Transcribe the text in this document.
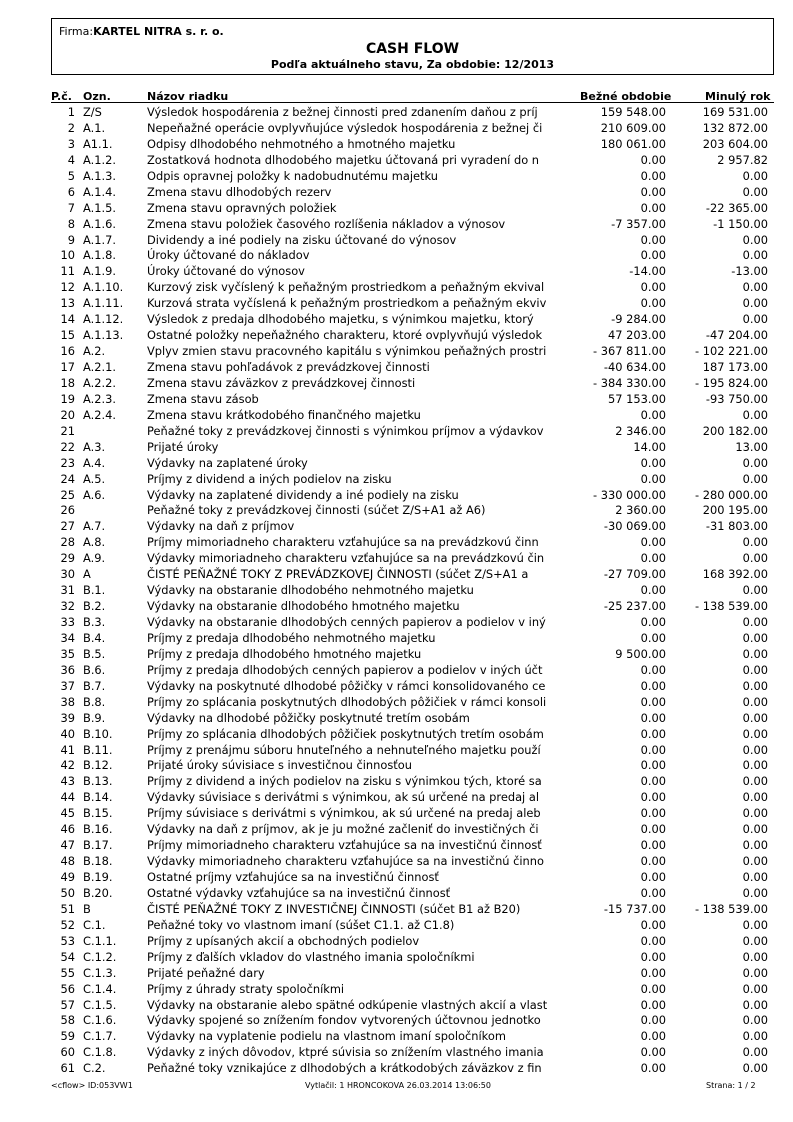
Firma:KARTEL NITRA s. r. o.
CASH FLOW
Podľa aktuálneho stavu, Za obdobie: 12/2013
P.č. Ozn.	Názov riadku	Bežné obdobie	Minulý rok
1 Z/S	Výsledok hospodárenia z bežnej činnosti pred zdanením daňou z príj	159 548.00	169 531.00
2 A.1.	Nepeňažné operácie ovplyvňujúce výsledok hospodárenia z bežnej či	210 609.00	132 872.00
3 A1.1.	Odpisy dlhodobého nehmotného a hmotného majetku	180 061.00	203 604.00
4 A.1.2.	Zostatková hodnota dlhodobého majetku účtovaná pri vyradení do n	0.00	2 957.82
5 A.1.3.	Odpis opravnej položky k nadobudnutému majetku	0.00	0.00
6 A.1.4.	Zmena stavu dlhodobých rezerv	0.00	0.00
7 A.1.5.	Zmena stavu opravných položiek	0.00	-22 365.00
8 A.1.6.	Zmena stavu položiek časového rozlíšenia nákladov a výnosov	-7 357.00	-1 150.00
9 A.1.7.	Dividendy a iné podiely na zisku účtované do výnosov	0.00	0.00
10 A.1.8.	Úroky účtované do nákladov	0.00	0.00
11 A.1.9.	Úroky účtované do výnosov	-14.00	-13.00
12 A.1.10.	Kurzový zisk vyčíslený k peňažným prostriedkom a peňažným ekvival	0.00	0.00
13 A.1.11.	Kurzová strata vyčíslená k peňažným prostriedkom a peňažným ekviv	0.00	0.00
14 A.1.12.	Výsledok z predaja dlhodobého majetku, s výnimkou majetku, ktorý	-9 284.00	0.00
15 A.1.13.	Ostatné položky nepeňažného charakteru, ktoré ovplyvňujú výsledok	47 203.00	-47 204.00
16 A.2.	Vplyv zmien stavu pracovného kapitálu s výnimkou peňažných prostri	- 367 811.00	- 102 221.00
17 A.2.1.	Zmena stavu pohľadávok z prevádzkovej činnosti	-40 634.00	187 173.00
18 A.2.2.	Zmena stavu záväzkov z prevádzkovej činnosti	- 384 330.00	- 195 824.00
19 A.2.3.	Zmena stavu zásob	57 153.00	-93 750.00
20 A.2.4.	Zmena stavu krátkodobého finančného majetku	0.00	0.00
21	Peňažné toky z prevádzkovej činnosti s výnimkou príjmov a výdavkov	2 346.00	200 182.00
22 A.3.	Prijaté úroky	14.00	13.00
23 A.4.	Výdavky na zaplatené úroky	0.00	0.00
24 A.5.	Príjmy z dividend a iných podielov na zisku	0.00	0.00
25 A.6.	Výdavky na zaplatené dividendy a iné podiely na zisku	- 330 000.00	- 280 000.00
26	Peňažné toky z prevádzkovej činnosti (súčet Z/S+A1 až A6)	2 360.00	200 195.00
27 A.7.	Výdavky na daň z príjmov	-30 069.00	-31 803.00
28 A.8.	Príjmy mimoriadneho charakteru vzťahujúce sa na prevádzkovú činn	0.00	0.00
29 A.9.	Výdavky mimoriadneho charakteru vzťahujúce sa na prevádzkovú čin	0.00	0.00
30 A	ČISTÉ PEŇAŽNÉ TOKY Z PREVÁDZKOVEJ ČINNOSTI (súčet Z/S+A1 a	-27 709.00	168 392.00
31 B.1.	Výdavky na obstaranie dlhodobého nehmotného majetku	0.00	0.00
32 B.2.	Výdavky na obstaranie dlhodobého hmotného majetku	-25 237.00	- 138 539.00
33 B.3.	Výdavky na obstaranie dlhodobých cenných papierov a podielov v iný	0.00	0.00
34 B.4.	Príjmy z predaja dlhodobého nehmotného majetku	0.00	0.00
35 B.5.	Príjmy z predaja dlhodobého hmotného majetku	9 500.00	0.00
36 B.6.	Príjmy z predaja dlhodobých cenných papierov a podielov v iných účt	0.00	0.00
37 B.7.	Výdavky na poskytnuté dlhodobé pôžičky v rámci konsolidovaného ce	0.00	0.00
38 B.8.	Príjmy zo splácania poskytnutých dlhodobých pôžičiek v rámci konsoli	0.00	0.00
39 B.9.	Výdavky na dlhodobé pôžičky poskytnuté tretím osobám	0.00	0.00
40 B.10.	Príjmy zo splácania dlhodobých pôžičiek poskytnutých tretím osobám	0.00	0.00
41 B.11.	Príjmy z prenájmu súboru hnuteľného a nehnuteľného majetku použí	0.00	0.00
42 B.12.	Prijaté úroky súvisiace s investičnou činnosťou	0.00	0.00
43 B.13.	Príjmy z dividend a iných podielov na zisku s výnimkou tých, ktoré sa	0.00	0.00
44 B.14.	Výdavky súvisiace s derivátmi s výnimkou, ak sú určené na predaj al	0.00	0.00
45 B.15.	Príjmy súvisiace s derivátmi s výnimkou, ak sú určené na predaj aleb	0.00	0.00
46 B.16.	Výdavky na daň z príjmov, ak je ju možné začleniť do investičných či	0.00	0.00
47 B.17.	Príjmy mimoriadneho charakteru vzťahujúce sa na investičnú činnosť	0.00	0.00
48 B.18.	Výdavky mimoriadneho charakteru vzťahujúce sa na investičnú činno	0.00	0.00
49 B.19.	Ostatné príjmy vzťahujúce sa na investičnú činnosť	0.00	0.00
50 B.20.	Ostatné výdavky vzťahujúce sa na investičnú činnosť	0.00	0.00
51 B	ČISTÉ PEŇAŽNÉ TOKY Z INVESTIČNEJ ČINNOSTI (súčet B1 až B20)	-15 737.00	- 138 539.00
52 C.1.	Peňažné toky vo vlastnom imaní (súšet C1.1. až C1.8)	0.00	0.00
53 C.1.1.	Príjmy z upísaných akcií a obchodných podielov	0.00	0.00
54 C.1.2.	Príjmy z ďalších vkladov do vlastného imania spoločníkmi	0.00	0.00
55 C.1.3.	Prijaté peňažné dary	0.00	0.00
56 C.1.4.	Príjmy z úhrady straty spoločníkmi	0.00	0.00
57 C.1.5.	Výdavky na obstaranie alebo spätné odkúpenie vlastných akcií a vlast	0.00	0.00
58 C.1.6.	Výdavky spojené so znížením fondov vytvorených účtovnou jednotko	0.00	0.00
59 C.1.7.	Výdavky na vyplatenie podielu na vlastnom imaní spoločníkom	0.00	0.00
60 C.1.8.	Výdavky z iných dôvodov, ktpré súvisia so znížením vlastného imania	0.00	0.00
61 C.2.	Peňažné toky vznikajúce z dlhodobých a krátkodobých záväzkov z fin	0.00	0.00
<cflow> ID:053VW1	Vytlačil: 1 HRONCOKOVA 26.03.2014 13:06:50	Strana: 1 / 2
